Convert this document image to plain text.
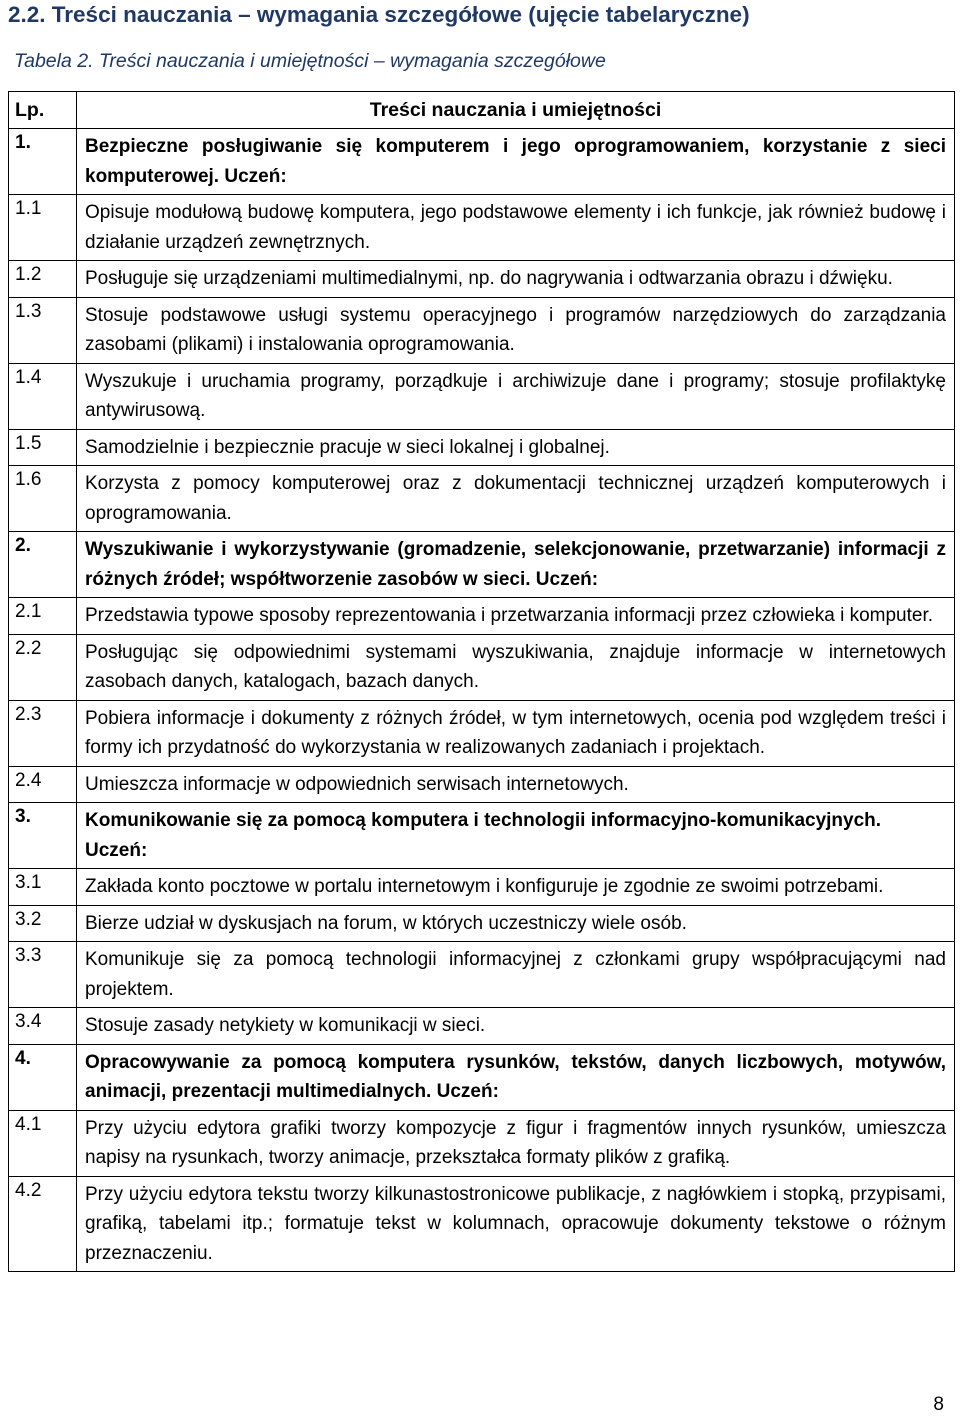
2.2. Treści nauczania – wymagania szczegółowe (ujęcie tabelaryczne)
Tabela 2. Treści nauczania i umiejętności – wymagania szczegółowe
Lp.	Treści nauczania i umiejętności
1.	Bezpieczne posługiwanie się komputerem i jego oprogramowaniem, korzystanie z sieci komputerowej. Uczeń:
1.1	Opisuje modułową budowę komputera, jego podstawowe elementy i ich funkcje, jak również budowę i działanie urządzeń zewnętrznych.
1.2	Posługuje się urządzeniami multimedialnymi, np. do nagrywania i odtwarzania obrazu i dźwięku.
1.3	Stosuje podstawowe usługi systemu operacyjnego i programów narzędziowych do zarządzania zasobami (plikami) i instalowania oprogramowania.
1.4	Wyszukuje i uruchamia programy, porządkuje i archiwizuje dane i programy; stosuje profilaktykę antywirusową.
1.5	Samodzielnie i bezpiecznie pracuje w sieci lokalnej i globalnej.
1.6	Korzysta z pomocy komputerowej oraz z dokumentacji technicznej urządzeń komputerowych i oprogramowania.
2.	Wyszukiwanie i wykorzystywanie (gromadzenie, selekcjonowanie, przetwarzanie) informacji z różnych źródeł; współtworzenie zasobów w sieci. Uczeń:
2.1	Przedstawia typowe sposoby reprezentowania i przetwarzania informacji przez człowieka i komputer.
2.2	Posługując się odpowiednimi systemami wyszukiwania, znajduje informacje w internetowych zasobach danych, katalogach, bazach danych.
2.3	Pobiera informacje i dokumenty z różnych źródeł, w tym internetowych, ocenia pod względem treści i formy ich przydatność do wykorzystania w realizowanych zadaniach i projektach.
2.4	Umieszcza informacje w odpowiednich serwisach internetowych.
3.	Komunikowanie się za pomocą komputera i technologii informacyjno-komunikacyjnych. Uczeń:
3.1	Zakłada konto pocztowe w portalu internetowym i konfiguruje je zgodnie ze swoimi potrzebami.
3.2	Bierze udział w dyskusjach na forum, w których uczestniczy wiele osób.
3.3	Komunikuje się za pomocą technologii informacyjnej z członkami grupy współpracującymi nad projektem.
3.4	Stosuje zasady netykiety w komunikacji w sieci.
4.	Opracowywanie za pomocą komputera rysunków, tekstów, danych liczbowych, motywów, animacji, prezentacji multimedialnych. Uczeń:
4.1	Przy użyciu edytora grafiki tworzy kompozycje z figur i fragmentów innych rysunków, umieszcza napisy na rysunkach, tworzy animacje, przekształca formaty plików z grafiką.
4.2	Przy użyciu edytora tekstu tworzy kilkunastostronicowe publikacje, z nagłówkiem i stopką, przypisami, grafiką, tabelami itp.; formatuje tekst w kolumnach, opracowuje dokumenty tekstowe o różnym przeznaczeniu.
8
